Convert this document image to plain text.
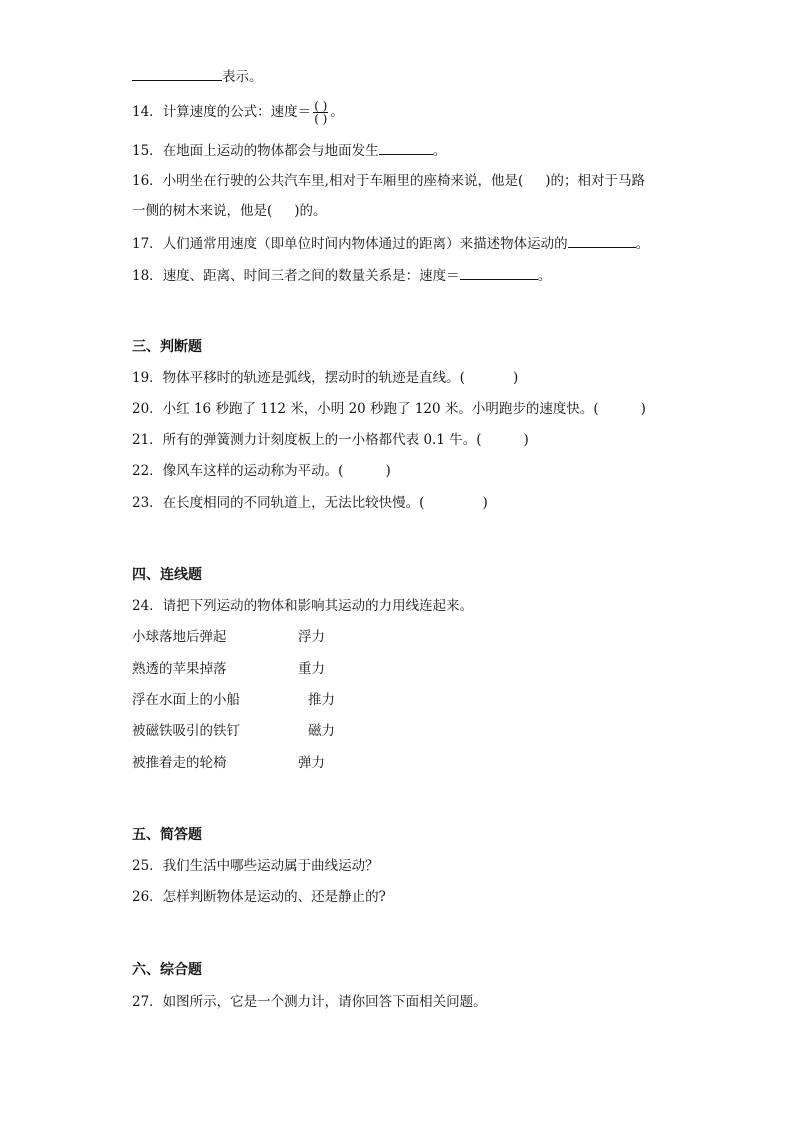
表示。
14．计算速度的公式：速度＝ $\frac{( )}{( )}$ 。
15．在地面上运动的物体都会与地面发生	。
16．小明坐在行驶的公共汽车里,相对于车厢里的座椅来说，他是( )的；相对于马路
一侧的树木来说，他是( )的。
17．人们通常用速度（即单位时间内物体通过的距离）来描述物体运动的	。
18．速度、距离、时间三者之间的数量关系是：速度＝	。
三、判断题
19．物体平移时的轨迹是弧线，摆动时的轨迹是直线。(	)
20．小红 16 秒跑了 112 米，小明 20 秒跑了 120 米。小明跑步的速度快。(	)
21．所有的弹簧测力计刻度板上的一小格都代表 0.1 牛。(	)
22．像风车这样的运动称为平动。(	)
23．在长度相同的不同轨道上，无法比较快慢。(	)
四、连线题
24．请把下列运动的物体和影响其运动的力用线连起来。
小球落地后弹起	浮力
熟透的苹果掉落	重力
浮在水面上的小船	推力
被磁铁吸引的铁钉	磁力
被推着走的轮椅	弹力
五、简答题
25．我们生活中哪些运动属于曲线运动？
26．怎样判断物体是运动的、还是静止的?
六、综合题
27．如图所示，它是一个测力计，请你回答下面相关问题。
